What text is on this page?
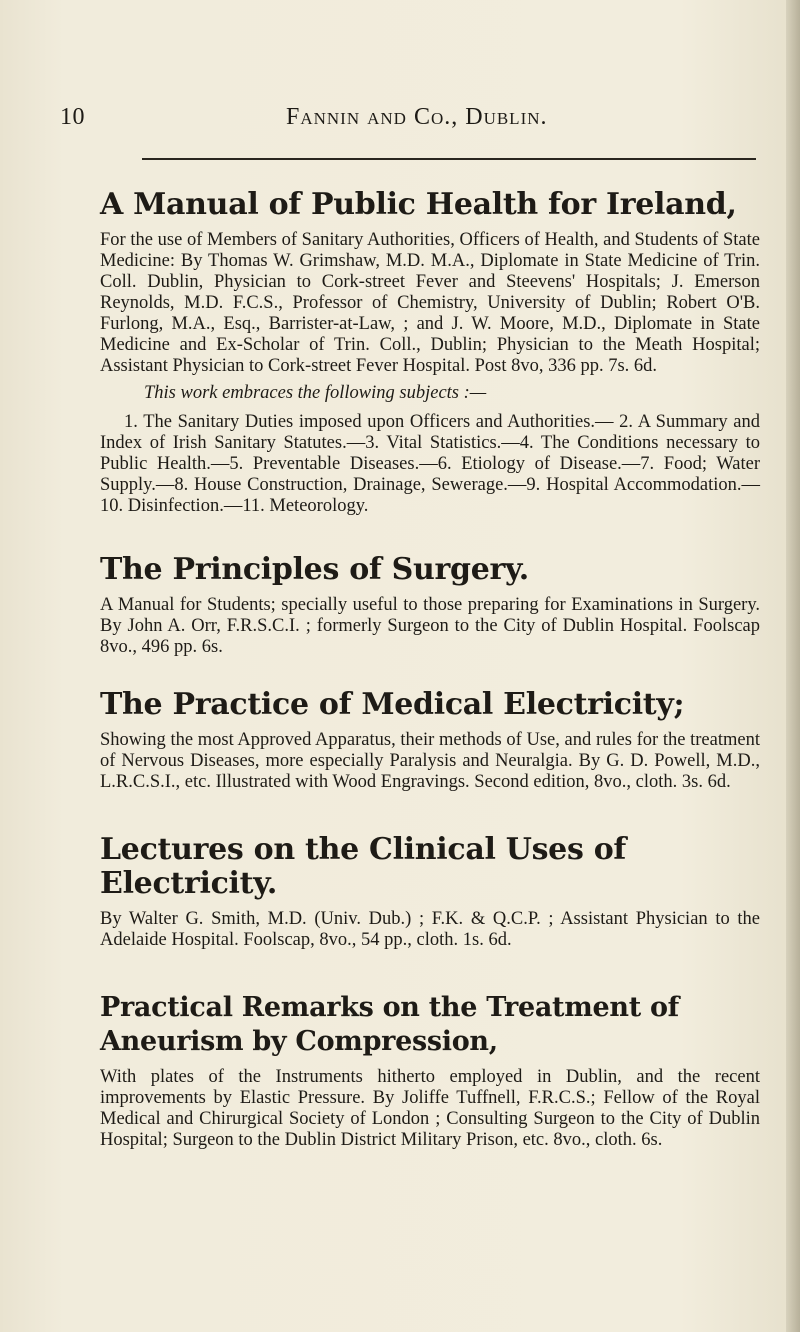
10	Fannin and Co., Dublin.
A Manual of Public Health for Ireland,

For the use of Members of Sanitary Authorities, Officers of Health, and Students of State Medicine: By Thomas W. Grimshaw, M.D. M.A., Diplomate in State Medicine of Trin. Coll. Dublin, Physician to Cork-street Fever and Steevens' Hospitals; J. Emerson Reynolds, M.D. F.C.S., Professor of Chemistry, University of Dublin; Robert O'B. Furlong, M.A., Esq., Barrister-at-Law, ; and J. W. Moore, M.D., Diplomate in State Medicine and Ex-Scholar of Trin. Coll., Dublin; Physician to the Meath Hospital; Assistant Physician to Cork-street Fever Hospital. Post 8vo, 336 pp. 7s. 6d.

This work embraces the following subjects :—

1. The Sanitary Duties imposed upon Officers and Authorities.— 2. A Summary and Index of Irish Sanitary Statutes.—3. Vital Statistics.—4. The Conditions necessary to Public Health.—5. Preventable Diseases.—6. Etiology of Disease.—7. Food; Water Supply.—8. House Construction, Drainage, Sewerage.—9. Hospital Accommodation.—10. Disinfection.—11. Meteorology.

The Principles of Surgery.

A Manual for Students; specially useful to those preparing for Examinations in Surgery. By John A. Orr, F.R.S.C.I. ; formerly Surgeon to the City of Dublin Hospital. Foolscap 8vo., 496 pp. 6s.

The Practice of Medical Electricity;

Showing the most Approved Apparatus, their methods of Use, and rules for the treatment of Nervous Diseases, more especially Paralysis and Neuralgia. By G. D. Powell, M.D., L.R.C.S.I., etc. Illustrated with Wood Engravings. Second edition, 8vo., cloth. 3s. 6d.

Lectures on the Clinical Uses of Electricity.

By Walter G. Smith, M.D. (Univ. Dub.) ; F.K. & Q.C.P. ; Assistant Physician to the Adelaide Hospital. Foolscap, 8vo., 54 pp., cloth. 1s. 6d.

Practical Remarks on the Treatment of Aneurism by Compression,

With plates of the Instruments hitherto employed in Dublin, and the recent improvements by Elastic Pressure. By Joliffe Tuffnell, F.R.C.S.; Fellow of the Royal Medical and Chirurgical Society of London ; Consulting Surgeon to the City of Dublin Hospital; Surgeon to the Dublin District Military Prison, etc. 8vo., cloth. 6s.
